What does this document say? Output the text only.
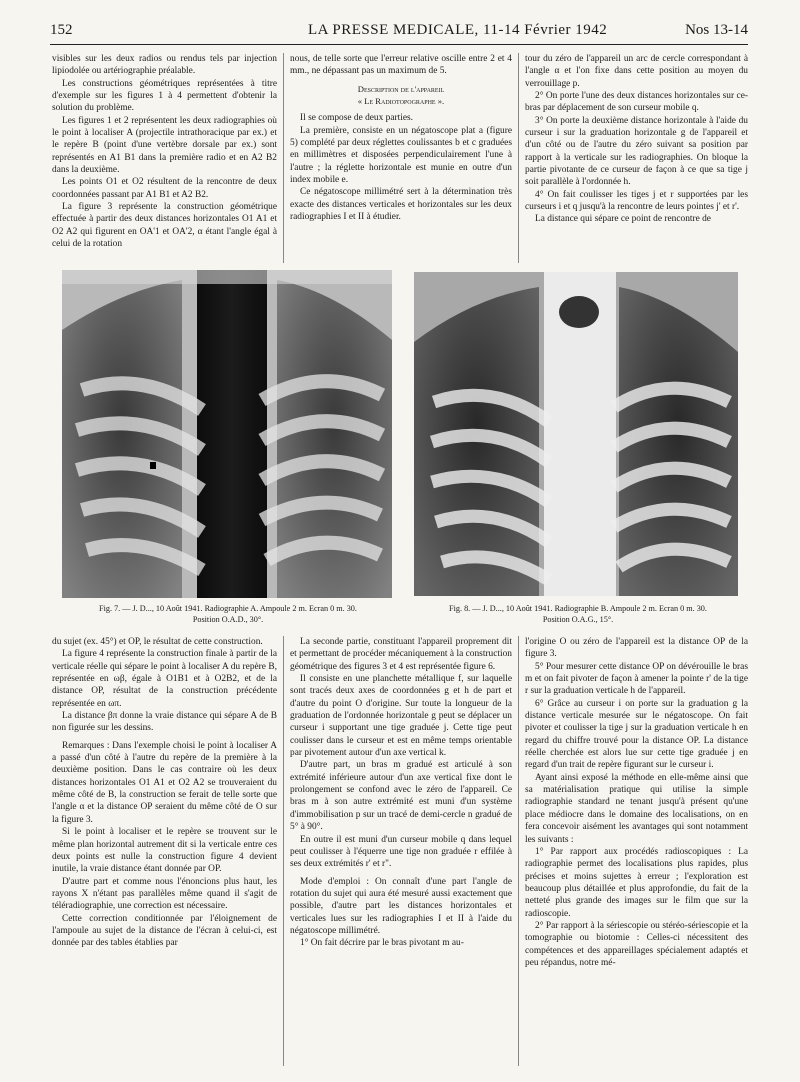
152	LA PRESSE MEDICALE, 11-14 Février 1942	Nos 13-14

visibles sur les deux radios ou rendus tels par injection lipiodolée ou artériographie préalable.

Les constructions géométriques représentées à titre d'exemple sur les figures 1 à 4 permettent d'obtenir la solution du problème.

Les figures 1 et 2 représentent les deux radiographies où le point à localiser A (projectile intrathoracique par ex.) et le repère B (point d'une vertèbre dorsale par ex.) sont représentés en A1 B1 dans la première radio et en A2 B2 dans la deuxième.

Les points O1 et O2 résultent de la rencontre de deux coordonnées passant par A1 B1 et A2 B2.

La figure 3 représente la construction géométrique effectuée à partir des deux distances horizontales O1 A1 et O2 A2 qui figurent en OA'1 et OA'2, α étant l'angle égal à celui de la rotation

nous, de telle sorte que l'erreur relative oscille entre 2 et 4 mm., ne dépassant pas un maximum de 5.

Description de l'appareil

« Le Radiotopographe ».

Il se compose de deux parties.

La première, consiste en un négatoscope plat a (figure 5) complété par deux réglettes coulissantes b et c graduées en millimètres et disposées perpendiculairement l'une à l'autre ; la réglette horizontale est munie en outre d'un index mobile e.

Ce négatoscope millimétré sert à la détermination très exacte des distances verticales et horizontales sur les deux radiographies I et II à étudier.

tour du zéro de l'appareil un arc de cercle correspondant à l'angle α et l'on fixe dans cette position au moyen du verrouillage p.

2° On porte l'une des deux distances horizontales sur ce-bras par déplacement de son curseur mobile q.

3° On porte la deuxième distance horizontale à l'aide du curseur i sur la graduation horizontale g de l'appareil et d'un côté ou de l'autre du zéro suivant sa position par rapport à la verticale sur les radiographies. On bloque la partie pivotante de ce curseur de façon à ce que sa tige j soit parallèle à l'ordonnée h.

4° On fait coulisser les tiges j et r supportées par les curseurs i et q jusqu'à la rencontre de leurs pointes j' et r'.

La distance qui sépare ce point de rencontre de

Fig. 7. — J. D..., 10 Août 1941. Radiographie A. Ampoule 2 m. Ecran 0 m. 30.
Position O.A.D., 30°.
Fig. 8. — J. D..., 10 Août 1941. Radiographie B. Ampoule 2 m. Ecran 0 m. 30.
Position O.A.G., 15°.

du sujet (ex. 45°) et OP, le résultat de cette construction.

La figure 4 représente la construction finale à partir de la verticale réelle qui sépare le point à localiser A du repère B, représentée en ωβ, égale à O1B1 et à O2B2, et de la distance OP, résultat de la construction précédente représentée en ωπ.

La distance βπ donne la vraie distance qui sépare A de B non figurée sur les dessins.

Remarques : Dans l'exemple choisi le point à localiser A a passé d'un côté à l'autre du repère de la première à la deuxième position. Dans le cas contraire où les deux distances horizontales O1 A1 et O2 A2 se trouveraient du même côté de B, la construction se ferait de telle sorte que l'angle α et la distance OP seraient du même côté de O sur la figure 3.

Si le point à localiser et le repère se trouvent sur le même plan horizontal autrement dit si la verticale entre ces deux points est nulle la construction figure 4 devient inutile, la vraie distance étant donnée par OP.

D'autre part et comme nous l'énoncions plus haut, les rayons X n'étant pas parallèles même quand il s'agit de téléradiographie, une correction est nécessaire.

Cette correction conditionnée par l'éloignement de l'ampoule au sujet de la distance de l'écran à celui-ci, est donnée par des tables établies par

La seconde partie, constituant l'appareil proprement dit et permettant de procéder mécaniquement à la construction géométrique des figures 3 et 4 est représentée figure 6.

Il consiste en une planchette métallique f, sur laquelle sont tracés deux axes de coordonnées g et h de part et d'autre du point O d'origine. Sur toute la longueur de la graduation de l'ordonnée horizontale g peut se déplacer un curseur i supportant une tige graduée j. Cette tige peut coulisser dans le curseur et est en même temps orientable par pivotement autour d'un axe vertical k.

D'autre part, un bras m gradué est articulé à son extrémité inférieure autour d'un axe vertical fixe dont le prolongement se confond avec le zéro de l'appareil. Ce bras m à son autre extrémité est muni d'un système d'immobilisation p sur un tracé de demi-cercle n gradué de 5° à 90°.

En outre il est muni d'un curseur mobile q dans lequel peut coulisser à l'équerre une tige non graduée r effilée à ses deux extrémités r' et r".

Mode d'emploi : On connaît d'une part l'angle de rotation du sujet qui aura été mesuré aussi exactement que possible, d'autre part les distances horizontales et verticales lues sur les radiographies I et II à l'aide du négatoscope millimétré.

1° On fait décrire par le bras pivotant m au-

l'origine O ou zéro de l'appareil est la distance OP de la figure 3.

5° Pour mesurer cette distance OP on dévérouille le bras m et on fait pivoter de façon à amener la pointe r' de la tige r sur la graduation verticale h de l'appareil.

6° Grâce au curseur i on porte sur la graduation g la distance verticale mesurée sur le négatoscope. On fait pivoter et coulisser la tige j sur la graduation verticale h en regard du chiffre trouvé pour la distance OP. La distance réelle cherchée est alors lue sur cette tige graduée j en regard d'un trait de repère figurant sur le curseur i.

Ayant ainsi exposé la méthode en elle-même ainsi que sa matérialisation pratique qui utilise la simple radiographie standard ne tenant jusqu'à présent qu'une place médiocre dans le domaine des localisations, on en fera concevoir aisément les avantages qui sont notamment les suivants :

1° Par rapport aux procédés radioscopiques : La radiographie permet des localisations plus rapides, plus précises et moins sujettes à erreur ; l'exploration est beaucoup plus détaillée et plus approfondie, du fait de la netteté plus grande des images sur le film que sur la radioscopie.

2° Par rapport à la sériescopie ou stéréo-sériescopie et la tomographie ou biotomie : Celles-ci nécessitent des compétences et des appareillages spécialement adaptés et peu répandus, notre mé-
